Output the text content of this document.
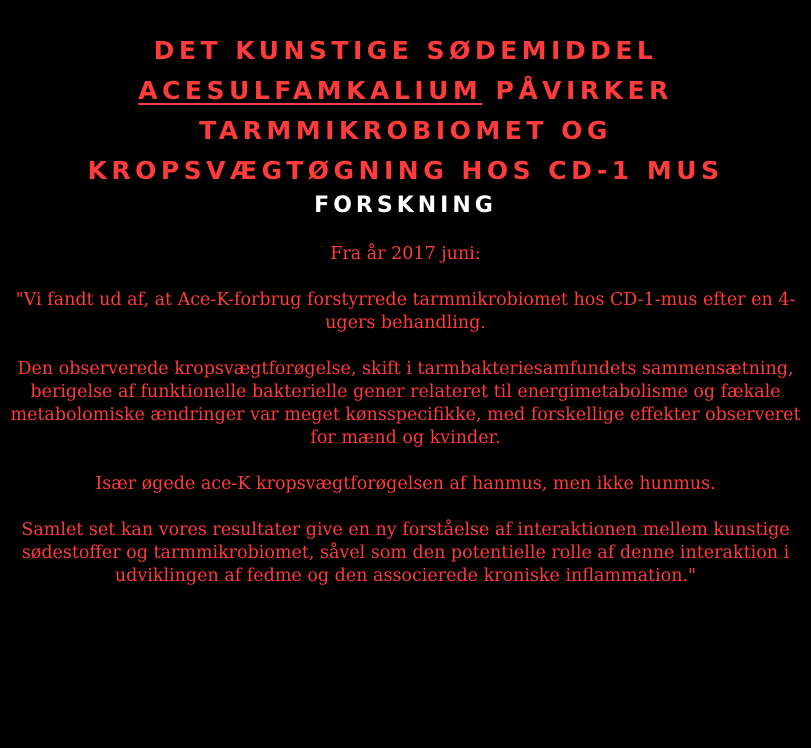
DET KUNSTIGE SØDEMIDDEL
ACESULFAMKALIUM PÅVIRKER
TARMMIKROBIOMET OG
KROPSVÆGTØGNING HOS CD-1 MUS
FORSKNING

Fra år 2017 juni:

"Vi fandt ud af, at Ace-K-forbrug forstyrrede tarmmikrobiomet hos CD-1-mus efter en 4-ugers behandling.

Den observerede kropsvægtforøgelse, skift i tarmbakteriesamfundets sammensætning, berigelse af funktionelle bakterielle gener relateret til energimetabolisme og fækale metabolomiske ændringer var meget kønsspecifikke, med forskellige effekter observeret for mænd og kvinder.

Især øgede ace-K kropsvægtforøgelsen af hanmus, men ikke hunmus.

Samlet set kan vores resultater give en ny forståelse af interaktionen mellem kunstige sødestoffer og tarmmikrobiomet, såvel som den potentielle rolle af denne interaktion i udviklingen af fedme og den associerede kroniske inflammation."
